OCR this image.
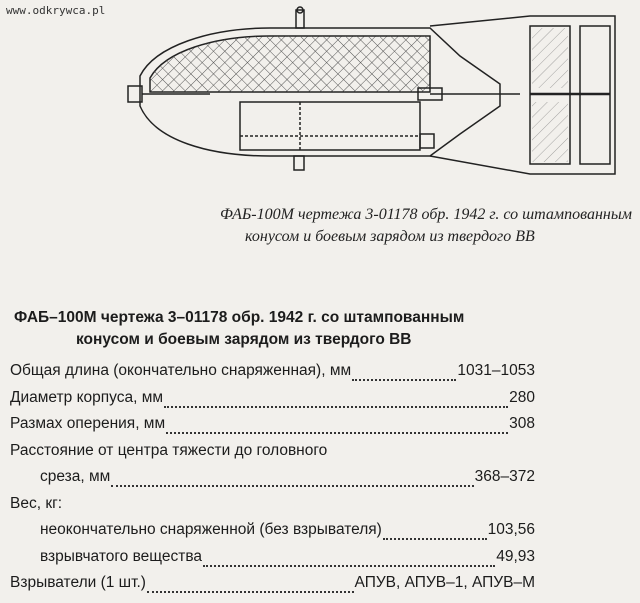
www.odkrywca.pl
ФАБ-100М чертежа 3-01178 обр. 1942 г. со штампованным
конусом и боевым зарядом из твердого ВВ
ФАБ–100М чертежа 3–01178 обр. 1942 г. со штампованным
конусом и боевым зарядом из твердого ВВ
Общая длина (окончательно снаряженная), мм	1031–1053
Диаметр корпуса, мм	280
Размах оперения, мм	308
Расстояние от центра тяжести до головного
среза, мм	368–372
Вес, кг:
неокончательно снаряженной (без взрывателя)	103,56
взрывчатого вещества	49,93
Взрыватели (1 шт.)	АПУВ, АПУВ–1, АПУВ–М
